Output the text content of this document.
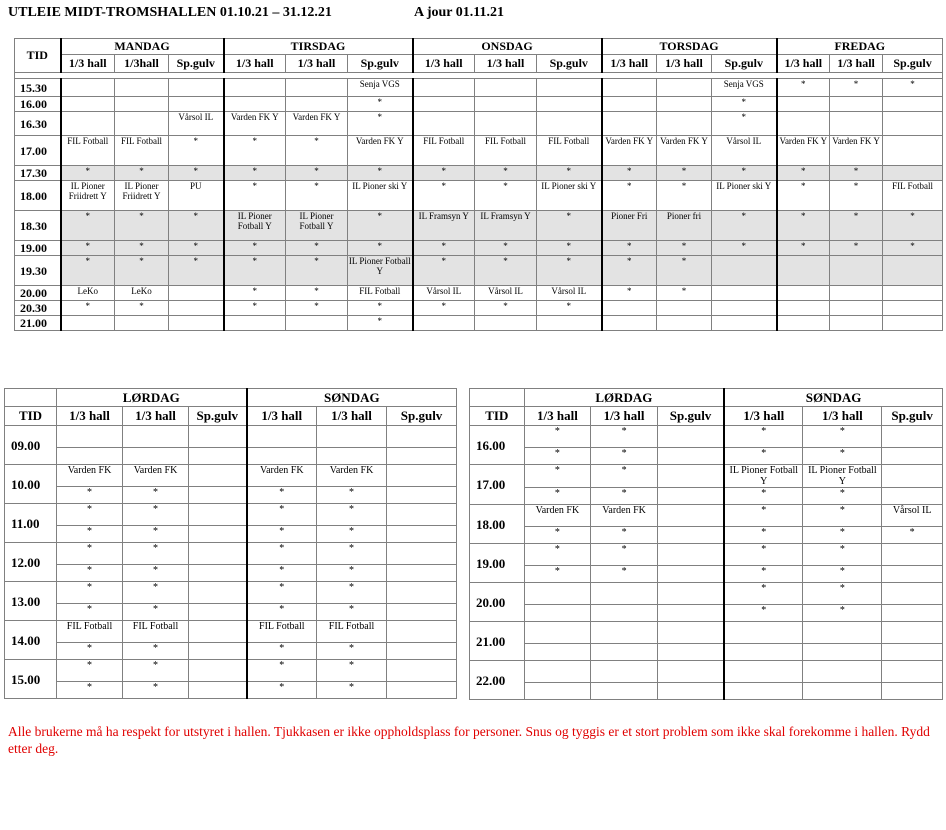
UTLEIE MIDT-TROMSHALLEN 01.10.21 – 31.12.21	A jour 01.11.21
TID	MANDAG			TIRSDAG			ONSDAG			TORSDAG			FREDAG		
	1/3 hall	1/3hall	Sp.gulv	1/3 hall	1/3 hall	Sp.gulv	1/3 hall	1/3 hall	Sp.gulv	1/3 hall	1/3 hall	Sp.gulv	1/3 hall	1/3 hall	Sp.gulv

15.30						Senja VGS						Senja VGS	*	*	*
16.00						*						*			
16.30			Vårsol IL	Varden FK Y	Varden FK Y	*						*			
17.00	FIL Fotball	FIL Fotball	*	*	*	Varden FK Y	FIL Fotball	FIL Fotball	FIL Fotball	Varden FK Y	Varden FK Y	Vårsol IL	Varden FK Y	Varden FK Y	
17.30	*	*	*	*	*	*	*	*	*	*	*	*	*	*	
18.00	IL Pioner Friidrett Y	IL Pioner Friidrett Y	PU	*	*	IL Pioner ski Y	*	*	IL Pioner ski Y	*	*	IL Pioner ski Y	*	*	FIL Fotball
18.30	*	*	*	IL Pioner Fotball Y	IL Pioner Fotball Y	*	IL Framsyn Y	IL Framsyn Y	*	Pioner Fri	Pioner fri	*	*	*	*
19.00	*	*	*	*	*	*	*	*	*	*	*	*	*	*	*
19.30	*	*	*	*	*	IL Pioner Fotball Y	*	*	*	*	*				
20.00	LeKo	LeKo		*	*	FIL Fotball	Vårsol IL	Vårsol IL	Vårsol IL	*	*				
20.30	*	*		*	*	*	*	*	*						
21.00						*									
	LØRDAG			SØNDAG		
TID	1/3 hall	1/3 hall	Sp.gulv	1/3 hall	1/3 hall	Sp.gulv
09.00						

10.00	Varden FK	Varden FK		Varden FK	Varden FK	
	*	*		*	*	
11.00	*	*		*	*	
	*	*		*	*	
12.00	*	*		*	*	
	*	*		*	*	
13.00	*	*		*	*	
	*	*		*	*	
14.00	FIL Fotball	FIL Fotball		FIL Fotball	FIL Fotball	
	*	*		*	*	
15.00	*	*		*	*	
	*	*		*	*	
	LØRDAG			SØNDAG		
TID	1/3 hall	1/3 hall	Sp.gulv	1/3 hall	1/3 hall	Sp.gulv
16.00	*	*		*	*	
	*	*		*	*	
17.00	*	*		IL Pioner Fotball Y	IL Pioner Fotball Y	
	*	*		*	*	
18.00	Varden FK	Varden FK		*	*	Vårsol IL
	*	*		*	*	*
19.00	*	*		*	*	
	*	*		*	*	
20.00				*	*	
				*	*	
21.00						

22.00						

Alle brukerne må ha respekt for utstyret i hallen. Tjukkasen er ikke oppholdsplass for personer. Snus og tyggis er et stort problem som ikke skal forekomme i hallen. Rydd etter deg.
